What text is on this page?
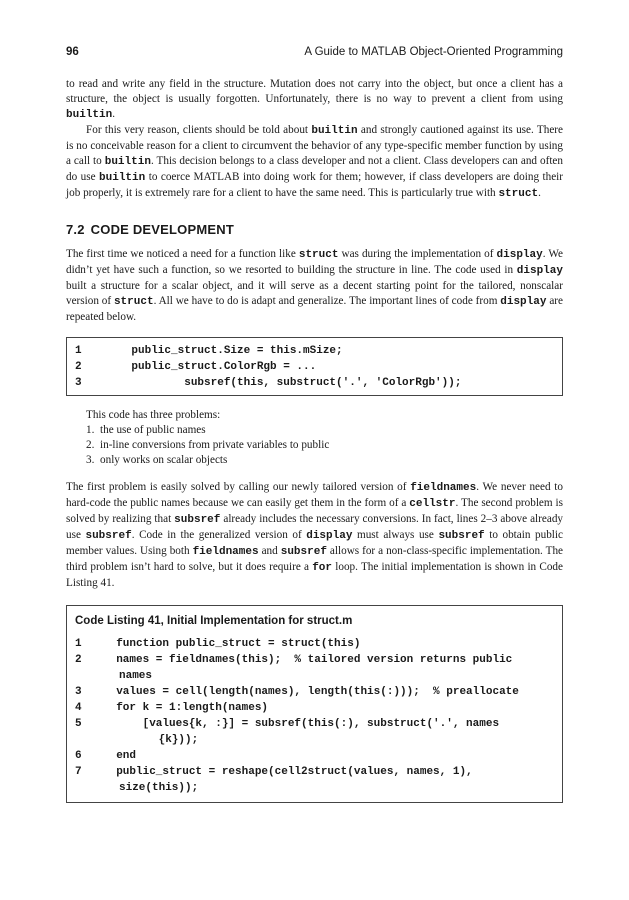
96	A Guide to MATLAB Object-Oriented Programming

to read and write any field in the structure. Mutation does not carry into the object, but once a client has a structure, the object is usually forgotten. Unfortunately, there is no way to prevent a client from using builtin.

For this very reason, clients should be told about builtin and strongly cautioned against its use. There is no conceivable reason for a client to circumvent the behavior of any type-specific member function by using a call to builtin. This decision belongs to a class developer and not a client. Class developers can and often do use builtin to coerce MATLAB into doing work for them; however, if class developers are doing their job properly, it is extremely rare for a client to have the same need. This is particularly true with struct.

7.2 CODE DEVELOPMENT

The first time we noticed a need for a function like struct was during the implementation of display. We didn’t yet have such a function, so we resorted to building the structure in line. The code used in display built a structure for a scalar object, and it will serve as a decent starting point for the tailored, nonscalar version of struct. All we have to do is adapt and generalize. The important lines of code from display are repeated below.

1	public_struct.Size = this.mSize;
2	public_struct.ColorRgb = ...
3	subsref(this, substruct('.', 'ColorRgb'));

This code has three problems:

1. the use of public names
2. in-line conversions from private variables to public
3. only works on scalar objects

The first problem is easily solved by calling our newly tailored version of fieldnames. We never need to hard-code the public names because we can easily get them in the form of a cellstr. The second problem is solved by realizing that subsref already includes the necessary conversions. In fact, lines 2–3 above already use subsref. Code in the generalized version of display must always use subsref to obtain public member values. Using both fieldnames and subsref allows for a non-class-specific implementation. The third problem isn’t hard to solve, but it does require a for loop. The initial implementation is shown in Code Listing 41.

Code Listing 41, Initial Implementation for struct.m
1	function public_struct = struct(this)
2	names = fieldnames(this);  % tailored version returns public
names
3	values = cell(length(names), length(this(:)));  % preallocate
4	for k = 1:length(names)
5	[values{k, :}] = subsref(this(:), substruct('.', names
{k}));
6	end
7	public_struct = reshape(cell2struct(values, names, 1),
size(this));
